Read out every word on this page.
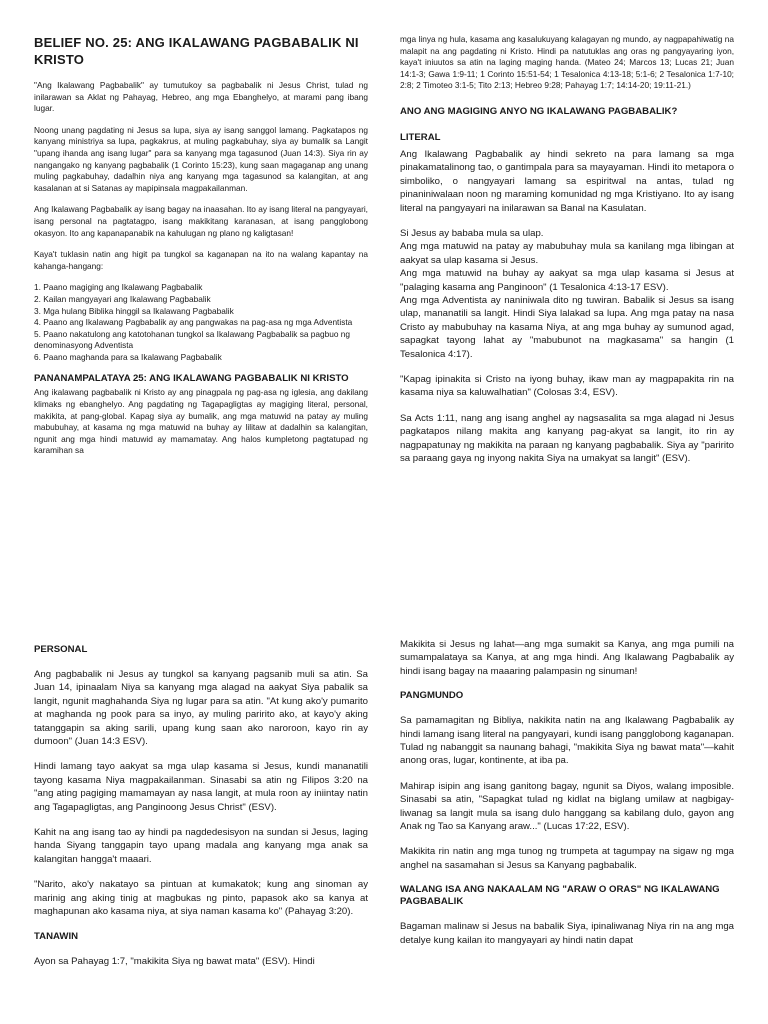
BELIEF NO. 25: ANG IKALAWANG PAGBABALIK NI KRISTO

"Ang Ikalawang Pagbabalik" ay tumutukoy sa pagbabalik ni Jesus Christ, tulad ng inilarawan sa Aklat ng Pahayag, Hebreo, ang mga Ebanghelyo, at marami pang ibang lugar.

Noong unang pagdating ni Jesus sa lupa, siya ay isang sanggol lamang. Pagkatapos ng kanyang ministriya sa lupa, pagkakrus, at muling pagkabuhay, siya ay bumalik sa Langit "upang ihanda ang isang lugar" para sa kanyang mga tagasunod (Juan 14:3). Siya rin ay nangangako ng kanyang pagbabalik (1 Corinto 15:23), kung saan magaganap ang unang muling pagkabuhay, dadalhin niya ang kanyang mga tagasunod sa kalangitan, at ang kasalanan at si Satanas ay mapipinsala magpakailanman.

Ang Ikalawang Pagbabalik ay isang bagay na inaasahan. Ito ay isang literal na pangyayari, isang personal na pagtatagpo, isang makikitang karanasan, at isang pangglobong okasyon. Ito ang kapanapanabik na kahulugan ng plano ng kaligtasan!

Kaya't tuklasin natin ang higit pa tungkol sa kaganapan na ito na walang kapantay na kahanga-hangang:

1. Paano magiging ang Ikalawang Pagbabalik
2. Kailan mangyayari ang Ikalawang Pagbabalik
3. Mga hulang Biblika hinggil sa Ikalawang Pagbabalik
4. Paano ang Ikalawang Pagbabalik ay ang pangwakas na pag-asa ng mga Adventista
5. Paano nakatulong ang katotohanan tungkol sa Ikalawang Pagbabalik sa pagbuo ng denominasyong Adventista
6. Paano maghanda para sa Ikalawang Pagbabalik
PANANAMPALATAYA 25: ANG IKALAWANG PAGBABALIK NI KRISTO

Ang ikalawang pagbabalik ni Kristo ay ang pinagpala ng pag-asa ng iglesia, ang dakilang klimaks ng ebanghelyo. Ang pagdating ng Tagapagligtas ay magiging literal, personal, makikita, at pang-global. Kapag siya ay bumalik, ang mga matuwid na patay ay muling mabubuhay, at kasama ng mga matuwid na buhay ay lilitaw at dadalhin sa kalangitan, ngunit ang mga hindi matuwid ay mamamatay. Ang halos kumpletong pagtatupad ng karamihan sa

mga linya ng hula, kasama ang kasalukuyang kalagayan ng mundo, ay nagpapahiwatig na malapit na ang pagdating ni Kristo. Hindi pa natutuklas ang oras ng pangyayaring iyon, kaya't iniuutos sa atin na laging maging handa. (Mateo 24; Marcos 13; Lucas 21; Juan 14:1-3; Gawa 1:9-11; 1 Corinto 15:51-54; 1 Tesalonica 4:13-18; 5:1-6; 2 Tesalonica 1:7-10; 2:8; 2 Timoteo 3:1-5; Tito 2:13; Hebreo 9:28; Pahayag 1:7; 14:14-20; 19:11-21.)

ANO ANG MAGIGING ANYO NG IKALAWANG PAGBABALIK?
LITERAL

Ang Ikalawang Pagbabalik ay hindi sekreto na para lamang sa mga pinakamatalinong tao, o gantimpala para sa mayayaman. Hindi ito metapora o simboliko, o nangyayari lamang sa espiritwal na antas, tulad ng pinaniniwalaan noon ng maraming komunidad ng mga Kristiyano. Ito ay isang literal na pangyayari na inilarawan sa Banal na Kasulatan.

Si Jesus ay bababa mula sa ulap.
Ang mga matuwid na patay ay mabubuhay mula sa kanilang mga libingan at aakyat sa ulap kasama si Jesus.
Ang mga matuwid na buhay ay aakyat sa mga ulap kasama si Jesus at "palaging kasama ang Panginoon" (1 Tesalonica 4:13-17 ESV).
Ang mga Adventista ay naniniwala dito ng tuwiran. Babalik si Jesus sa isang ulap, mananatili sa langit. Hindi Siya lalakad sa lupa. Ang mga patay na nasa Cristo ay mabubuhay na kasama Niya, at ang mga buhay ay sumunod agad, sapagkat tayong lahat ay "mabubunot na magkasama" sa hangin (1 Tesalonica 4:17).

"Kapag ipinakita si Cristo na iyong buhay, ikaw man ay magpapakita rin na kasama niya sa kaluwalhatian" (Colosas 3:4, ESV).

Sa Acts 1:11, nang ang isang anghel ay nagsasalita sa mga alagad ni Jesus pagkatapos nilang makita ang kanyang pag-akyat sa langit, ito rin ay nagpapatunay ng makikita na paraan ng kanyang pagbabalik. Siya ay "paririto sa paraang gaya ng inyong nakita Siya na umakyat sa langit" (ESV).

PERSONAL

Ang pagbabalik ni Jesus ay tungkol sa kanyang pagsanib muli sa atin. Sa Juan 14, ipinaalam Niya sa kanyang mga alagad na aakyat Siya pabalik sa langit, ngunit maghahanda Siya ng lugar para sa atin. "At kung ako'y pumarito at maghanda ng pook para sa inyo, ay muling paririto ako, at kayo'y aking tatanggapin sa aking sarili, upang kung saan ako naroroon, kayo rin ay dumoon" (Juan 14:3 ESV).

Hindi lamang tayo aakyat sa mga ulap kasama si Jesus, kundi mananatili tayong kasama Niya magpakailanman. Sinasabi sa atin ng Filipos 3:20 na "ang ating pagiging mamamayan ay nasa langit, at mula roon ay iniintay natin ang Tagapagligtas, ang Panginoong Jesus Christ" (ESV).

Kahit na ang isang tao ay hindi pa nagdedesisyon na sundan si Jesus, laging handa Siyang tanggapin tayo upang madala ang kanyang mga anak sa kalangitan hangga't maaari.

"Narito, ako'y nakatayo sa pintuan at kumakatok; kung ang sinoman ay marinig ang aking tinig at magbukas ng pinto, papasok ako sa kanya at maghapunan ako kasama niya, at siya naman kasama ko" (Pahayag 3:20).

TANAWIN

Ayon sa Pahayag 1:7, "makikita Siya ng bawat mata" (ESV). Hindi

Makikita si Jesus ng lahat—ang mga sumakit sa Kanya, ang mga pumili na sumampalataya sa Kanya, at ang mga hindi. Ang Ikalawang Pagbabalik ay hindi isang bagay na maaaring palampasin ng sinuman!

PANGMUNDO

Sa pamamagitan ng Bibliya, nakikita natin na ang Ikalawang Pagbabalik ay hindi lamang isang literal na pangyayari, kundi isang pangglobong kaganapan. Tulad ng nabanggit sa naunang bahagi, "makikita Siya ng bawat mata"—kahit anong oras, lugar, kontinente, at iba pa.

Mahirap isipin ang isang ganitong bagay, ngunit sa Diyos, walang imposible. Sinasabi sa atin, "Sapagkat tulad ng kidlat na biglang umilaw at nagbigay-liwanag sa langit mula sa isang dulo hanggang sa kabilang dulo, gayon ang Anak ng Tao sa Kanyang araw..." (Lucas 17:22, ESV).

Makikita rin natin ang mga tunog ng trumpeta at tagumpay na sigaw ng mga anghel na sasamahan si Jesus sa Kanyang pagbabalik.

WALANG ISA ANG NAKAALAM NG "ARAW O ORAS" NG IKALAWANG PAGBABALIK

Bagaman malinaw si Jesus na babalik Siya, ipinaliwanag Niya rin na ang mga detalye kung kailan ito mangyayari ay hindi natin dapat
